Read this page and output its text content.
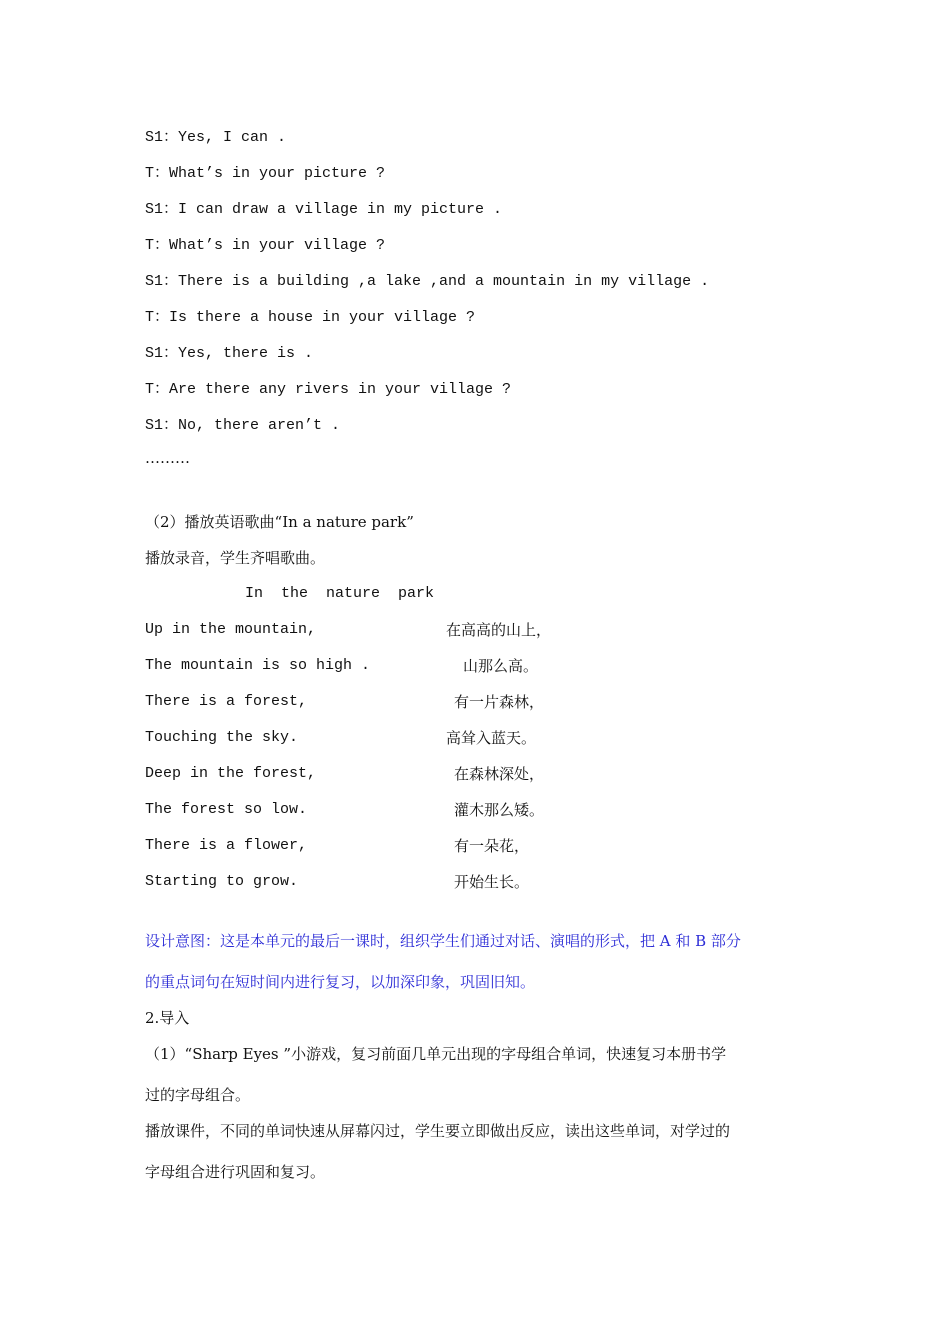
S1：Yes, I can .
T：What’s in your picture ?
S1：I can draw a village in my picture .
T：What’s in your village ?
S1：There is a building ,a lake ,and a mountain in my village .
T：Is there a house in your village ?
S1：Yes, there is .
T：Are there any rivers in your village ?
S1：No, there aren’t .
………
（2）播放英语歌曲“In a nature park”
播放录音，学生齐唱歌曲。
In  the  nature  park
Up in the mountain,	在高高的山上，
The mountain is so high .	山那么高。
There is a forest,	有一片森林，
Touching the sky.	高耸入蓝天。
Deep in the forest,	在森林深处，
The forest so low.	灌木那么矮。
There is a flower,	有一朵花，
Starting to grow.	开始生长。
设计意图：这是本单元的最后一课时，组织学生们通过对话、演唱的形式，把 A 和 B 部分
的重点词句在短时间内进行复习，以加深印象，巩固旧知。
2.导入
（1）“Sharp Eyes ”小游戏，复习前面几单元出现的字母组合单词，快速复习本册书学
过的字母组合。
播放课件，不同的单词快速从屏幕闪过，学生要立即做出反应，读出这些单词，对学过的
字母组合进行巩固和复习。
